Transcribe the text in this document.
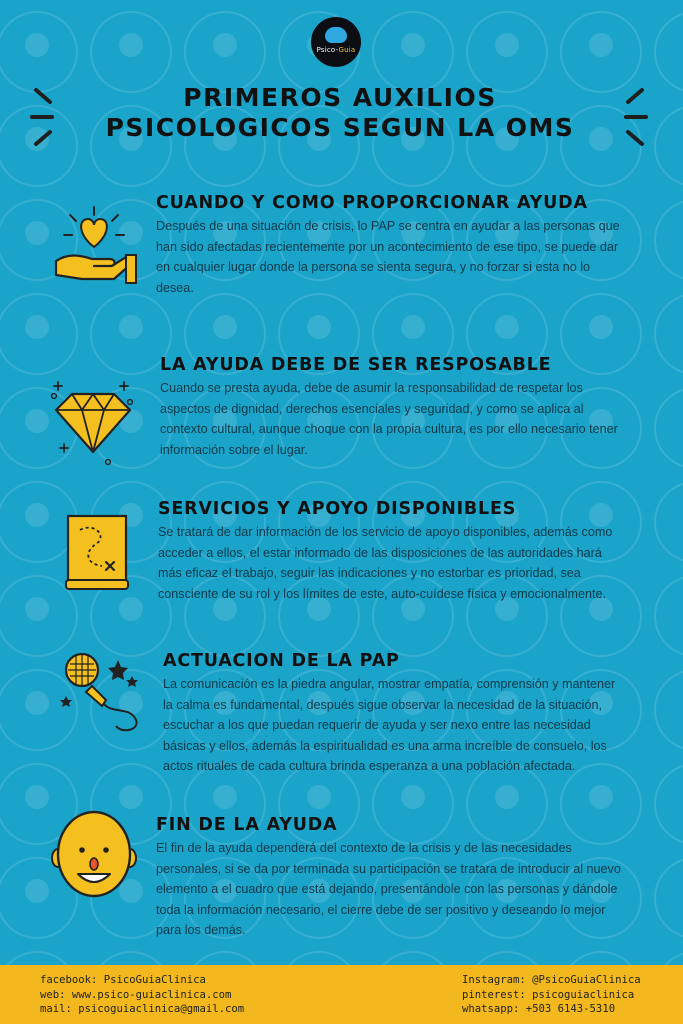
Psico-Guia
PRIMEROS AUXILIOS
PSICOLOGICOS SEGUN LA OMS
CUANDO Y COMO PROPORCIONAR AYUDA

Después de una situación de crisis, lo PAP se centra en ayudar a las personas que han sido afectadas recientemente por un acontecimiento de ese tipo, se puede dar en cualquier lugar donde la persona se sienta segura, y no forzar si esta no lo desea.

LA AYUDA DEBE DE SER RESPOSABLE

Cuando se presta ayuda, debe de asumir la responsabilidad de respetar los aspectos de dignidad, derechos esenciales y seguridad, y como se aplica al contexto cultural, aunque choque con la propia cultura, es por ello necesario tener información sobre el lugar.

SERVICIOS Y APOYO DISPONIBLES

Se tratará de dar información de los servicio de apoyo disponibles, además como acceder a ellos, el estar informado de las disposiciones de las autoridades hará más eficaz el trabajo, seguir las indicaciones y no estorbar es prioridad, sea consciente de su rol y los límites de este, auto-cuídese física y emocionalmente.

ACTUACION DE LA PAP

La comunicación es la piedra angular, mostrar empatía, comprensión y mantener la calma es fundamental, después sigue observar la necesidad de la situación, escuchar a los que puedan requerir de ayuda y ser nexo entre las necesidad básicas y ellos, además la espiritualidad es una arma increíble de consuelo, los actos rituales de cada cultura brinda esperanza a una población afectada.

FIN DE LA AYUDA

El fin de la ayuda dependerá del contexto de la crisis y de las necesidades personales, si se da por terminada su participación se tratara de introducir al nuevo elemento a el cuadro que está dejando, presentándole con las personas y dándole toda la información necesario, el cierre debe de ser positivo y deseando lo mejor para los demás.

facebook: PsicoGuiaClinica
web: www.psico-guiaclinica.com
mail: psicoguiaclinica@gmail.com
Instagram: @PsicoGuiaClinica
pinterest: psicoguiaclinica
whatsapp: +503 6143-5310
